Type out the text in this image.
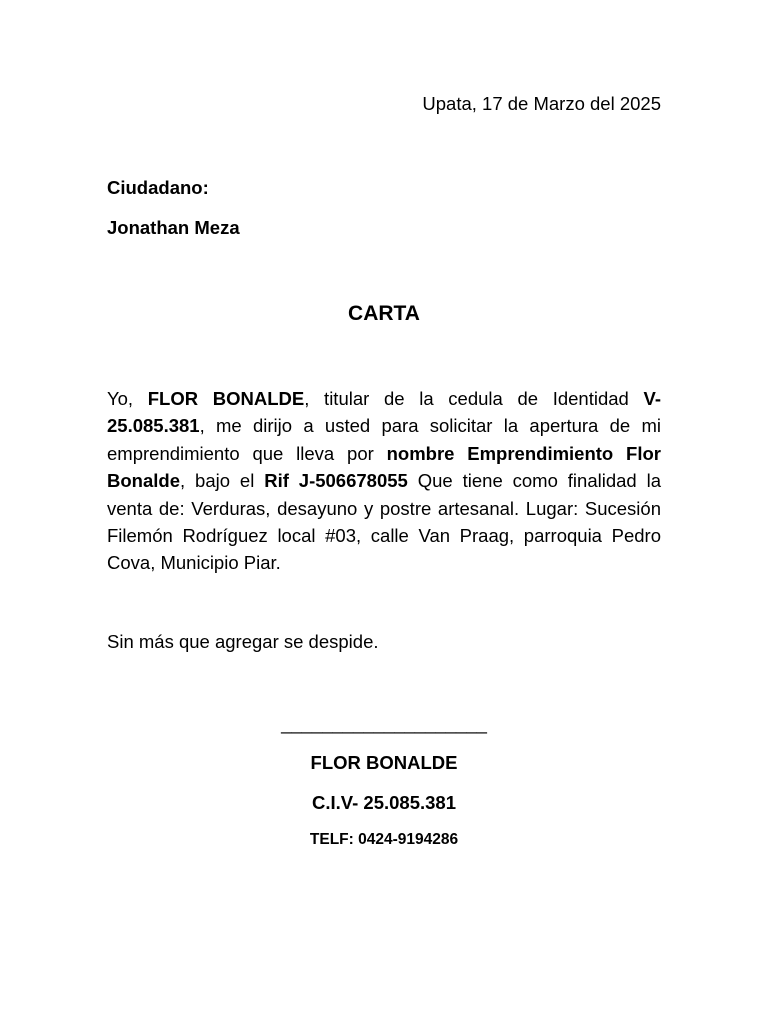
Upata, 17 de Marzo del 2025
Ciudadano:
Jonathan Meza
CARTA

Yo, FLOR BONALDE, titular de la cedula de Identidad V-25.085.381, me dirijo a usted para solicitar la apertura de mi emprendimiento que lleva por nombre Emprendimiento Flor Bonalde, bajo el Rif J-506678055 Que tiene como finalidad la venta de: Verduras, desayuno y postre artesanal. Lugar: Sucesión Filemón Rodríguez local #03, calle Van Praag, parroquia Pedro Cova, Municipio Piar.

Sin más que agregar se despide.
____________________
FLOR BONALDE
C.I.V- 25.085.381
TELF: 0424-9194286
